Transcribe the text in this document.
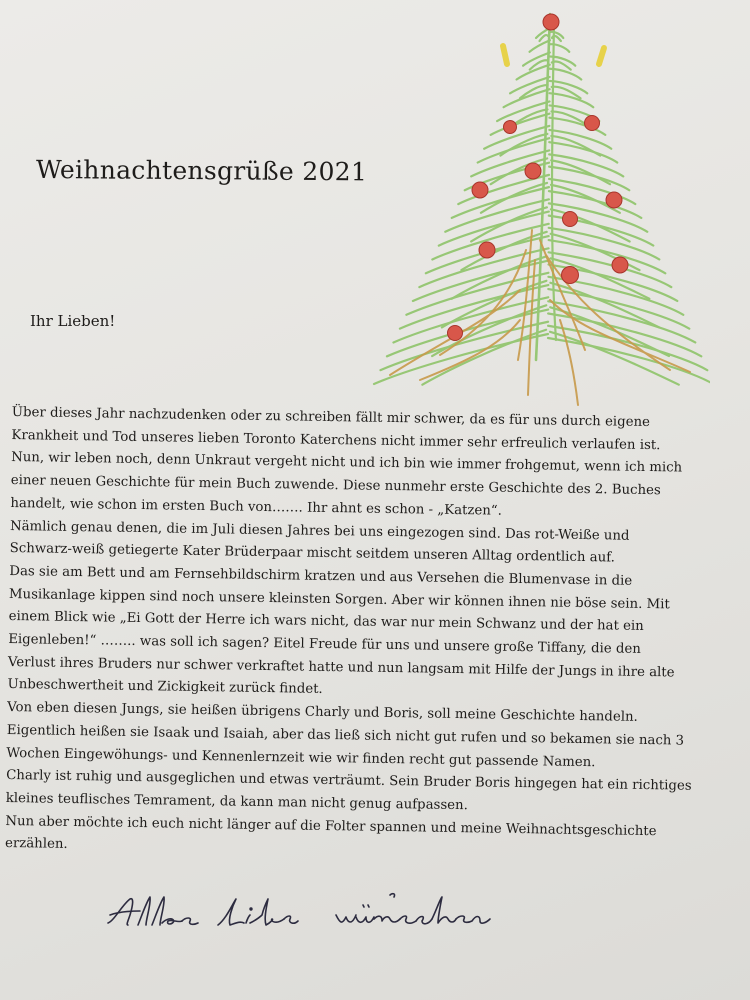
Weihnachtensgrüße 2021

Ihr Lieben!

Über dieses Jahr nachzudenken oder zu schreiben fällt mir schwer, da es für uns durch eigene
Krankheit und Tod unseres lieben Toronto Katerchens nicht immer sehr erfreulich verlaufen ist.
Nun, wir leben noch, denn Unkraut vergeht nicht und ich bin wie immer frohgemut, wenn ich mich
einer neuen Geschichte für mein Buch zuwende. Diese nunmehr erste Geschichte des 2. Buches
handelt, wie schon im ersten Buch von……. Ihr ahnt es schon - „Katzen“.
Nämlich genau denen, die im Juli diesen Jahres bei uns eingezogen sind. Das rot-Weiße und
Schwarz-weiß getiegerte Kater Brüderpaar mischt seitdem unseren Alltag ordentlich auf.
Das sie am Bett und am Fernsehbildschirm kratzen und aus Versehen die Blumenvase in die
Musikanlage kippen sind noch unsere kleinsten Sorgen. Aber wir können ihnen nie böse sein. Mit
einem Blick wie „Ei Gott der Herre ich wars nicht, das war nur mein Schwanz und der hat ein
Eigenleben!“ …….. was soll ich sagen? Eitel Freude für uns und unsere große Tiffany, die den
Verlust ihres Bruders nur schwer verkraftet hatte und nun langsam mit Hilfe der Jungs in ihre alte
Unbeschwertheit und Zickigkeit zurück findet.
Von eben diesen Jungs, sie heißen übrigens Charly und Boris, soll meine Geschichte handeln.
Eigentlich heißen sie Isaak und Isaiah, aber das ließ sich nicht gut rufen und so bekamen sie nach 3
Wochen Eingewöhungs- und Kennenlernzeit wie wir finden recht gut passende Namen.
Charly ist ruhig und ausgeglichen und etwas verträumt. Sein Bruder Boris hingegen hat ein richtiges
kleines teuflisches Temrament, da kann man nicht genug aufpassen.
Nun aber möchte ich euch nicht länger auf die Folter spannen und meine Weihnachtsgeschichte
erzählen.
